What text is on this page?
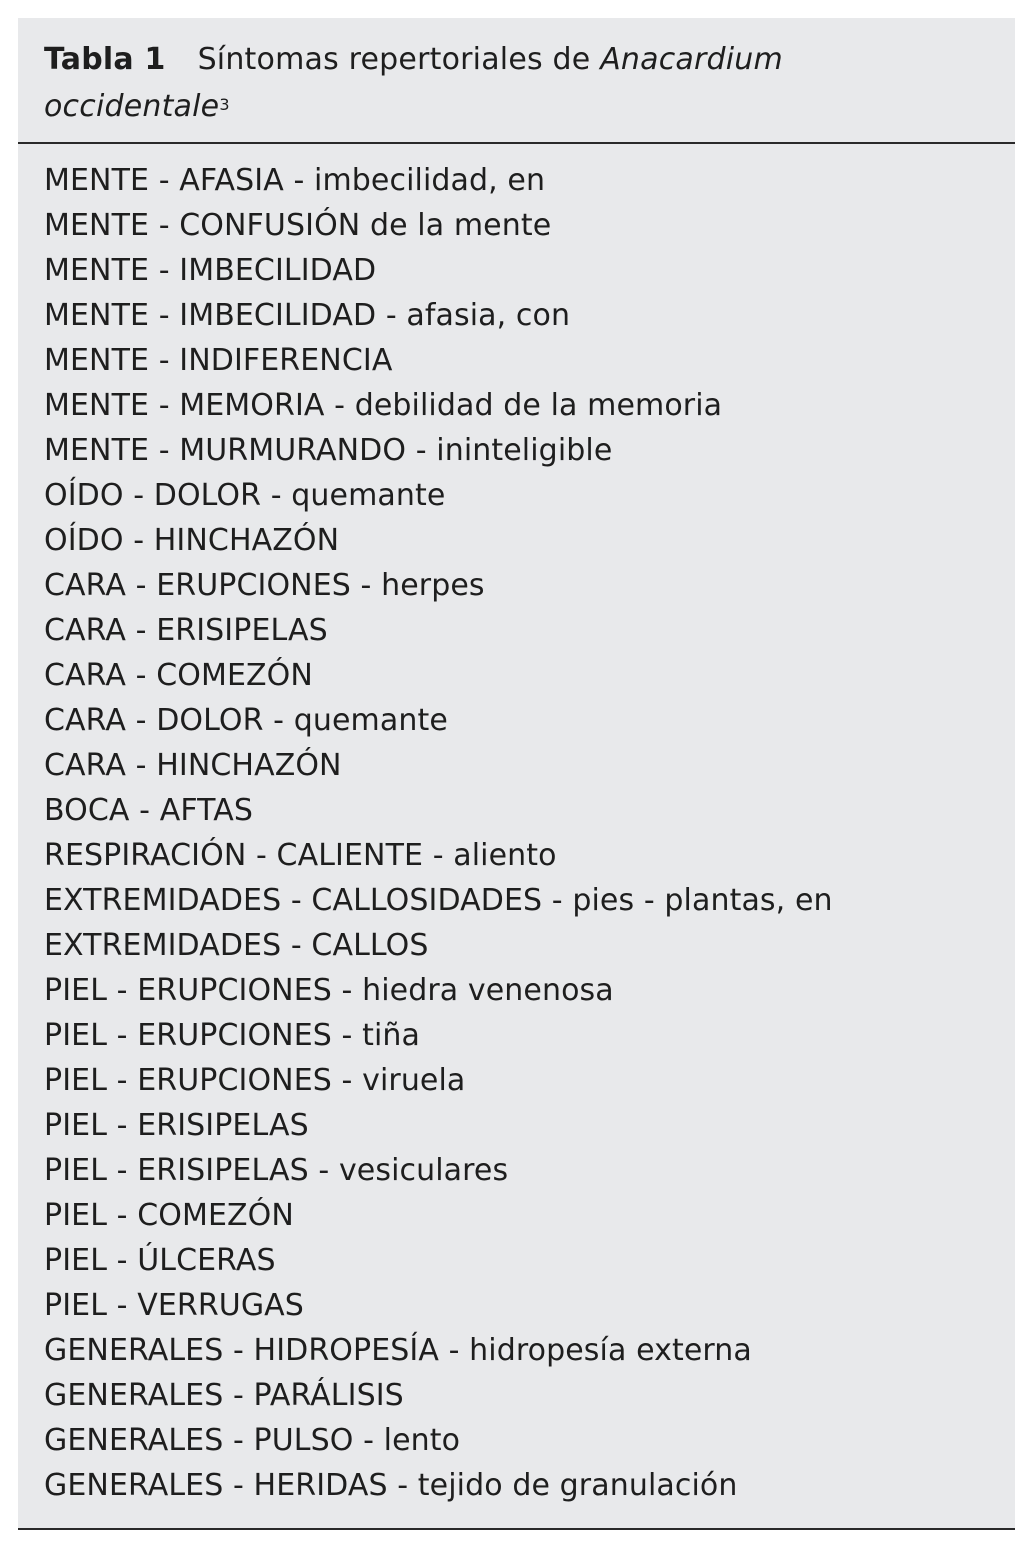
Tabla 1 Síntomas repertoriales de Anacardium
occidentale$^3$
MENTE - AFASIA - imbecilidad, en
MENTE - CONFUSIÓN de la mente
MENTE - IMBECILIDAD
MENTE - IMBECILIDAD - afasia, con
MENTE - INDIFERENCIA
MENTE - MEMORIA - debilidad de la memoria
MENTE - MURMURANDO - ininteligible
OÍDO - DOLOR - quemante
OÍDO - HINCHAZÓN
CARA - ERUPCIONES - herpes
CARA - ERISIPELAS
CARA - COMEZÓN
CARA - DOLOR - quemante
CARA - HINCHAZÓN
BOCA - AFTAS
RESPIRACIÓN - CALIENTE - aliento
EXTREMIDADES - CALLOSIDADES - pies - plantas, en
EXTREMIDADES - CALLOS
PIEL - ERUPCIONES - hiedra venenosa
PIEL - ERUPCIONES - tiña
PIEL - ERUPCIONES - viruela
PIEL - ERISIPELAS
PIEL - ERISIPELAS - vesiculares
PIEL - COMEZÓN
PIEL - ÚLCERAS
PIEL - VERRUGAS
GENERALES - HIDROPESÍA - hidropesía externa
GENERALES - PARÁLISIS
GENERALES - PULSO - lento
GENERALES - HERIDAS - tejido de granulación
